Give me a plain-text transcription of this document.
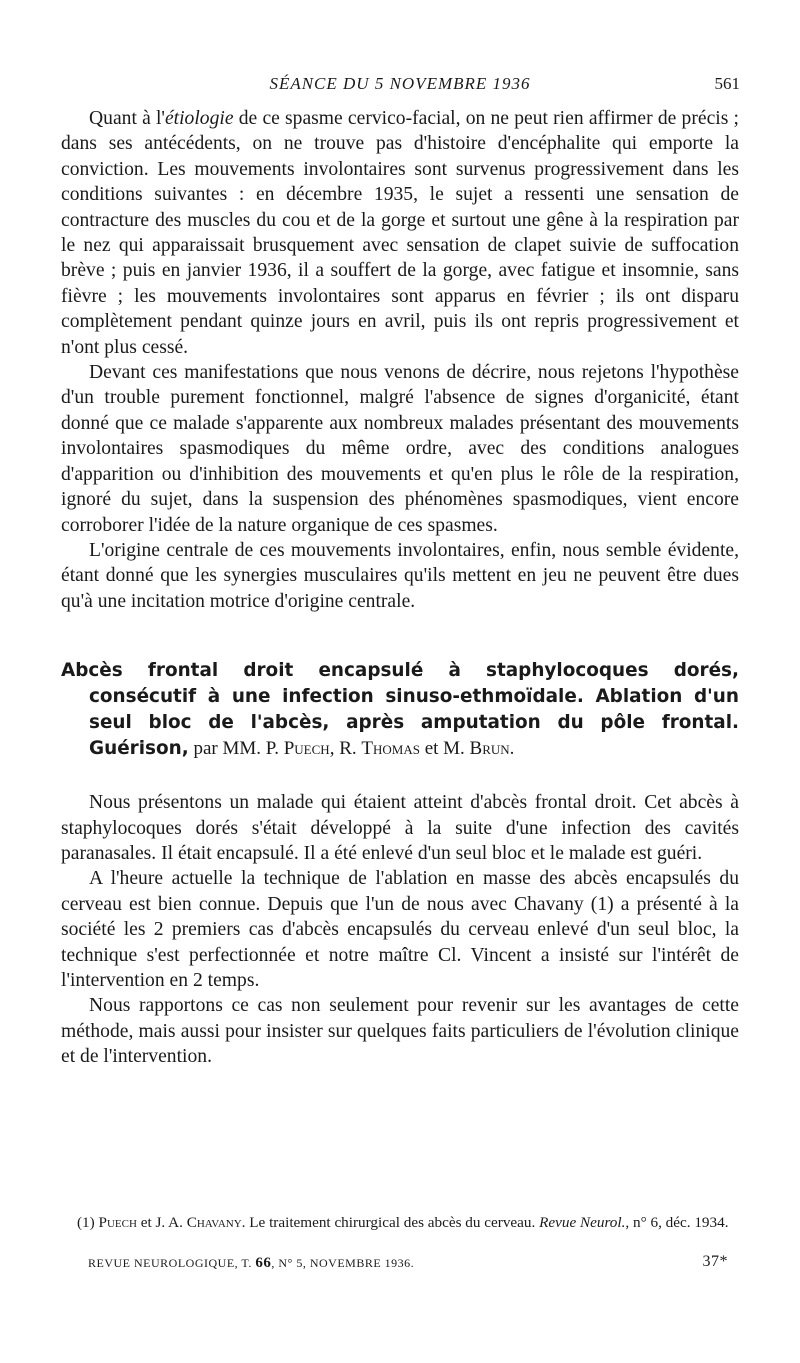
SÉANCE DU 5 NOVEMBRE 1936	561

Quant à l'étiologie de ce spasme cervico-facial, on ne peut rien affirmer de précis ; dans ses antécédents, on ne trouve pas d'histoire d'encéphalite qui emporte la conviction. Les mouvements involontaires sont survenus progressivement dans les conditions suivantes : en décembre 1935, le sujet a ressenti une sensation de contracture des muscles du cou et de la gorge et surtout une gêne à la respiration par le nez qui apparaissait brusquement avec sensation de clapet suivie de suffocation brève ; puis en janvier 1936, il a souffert de la gorge, avec fatigue et insomnie, sans fièvre ; les mouvements involontaires sont apparus en février ; ils ont disparu complètement pendant quinze jours en avril, puis ils ont repris progressivement et n'ont plus cessé.

Devant ces manifestations que nous venons de décrire, nous rejetons l'hypothèse d'un trouble purement fonctionnel, malgré l'absence de signes d'organicité, étant donné que ce malade s'apparente aux nombreux malades présentant des mouvements involontaires spasmodiques du même ordre, avec des conditions analogues d'apparition ou d'inhibition des mouvements et qu'en plus le rôle de la respiration, ignoré du sujet, dans la suspension des phénomènes spasmodiques, vient encore corroborer l'idée de la nature organique de ces spasmes.

L'origine centrale de ces mouvements involontaires, enfin, nous semble évidente, étant donné que les synergies musculaires qu'ils mettent en jeu ne peuvent être dues qu'à une incitation motrice d'origine centrale.

Abcès frontal droit encapsulé à staphylocoques dorés, consécutif à une infection sinuso-ethmoïdale. Ablation d'un seul bloc de l'abcès, après amputation du pôle frontal. Guérison, par MM. P. Puech, R. Thomas et M. Brun.

Nous présentons un malade qui étaient atteint d'abcès frontal droit. Cet abcès à staphylocoques dorés s'était développé à la suite d'une infection des cavités paranasales. Il était encapsulé. Il a été enlevé d'un seul bloc et le malade est guéri.

A l'heure actuelle la technique de l'ablation en masse des abcès encapsulés du cerveau est bien connue. Depuis que l'un de nous avec Chavany (1) a présenté à la société les 2 premiers cas d'abcès encapsulés du cerveau enlevé d'un seul bloc, la technique s'est perfectionnée et notre maître Cl. Vincent a insisté sur l'intérêt de l'intervention en 2 temps.

Nous rapportons ce cas non seulement pour revenir sur les avantages de cette méthode, mais aussi pour insister sur quelques faits particuliers de l'évolution clinique et de l'intervention.

(1) Puech et J. A. Chavany. Le traitement chirurgical des abcès du cerveau. Revue Neurol., n° 6, déc. 1934.
REVUE NEUROLOGIQUE, T. 66, N° 5, NOVEMBRE 1936.	37*
